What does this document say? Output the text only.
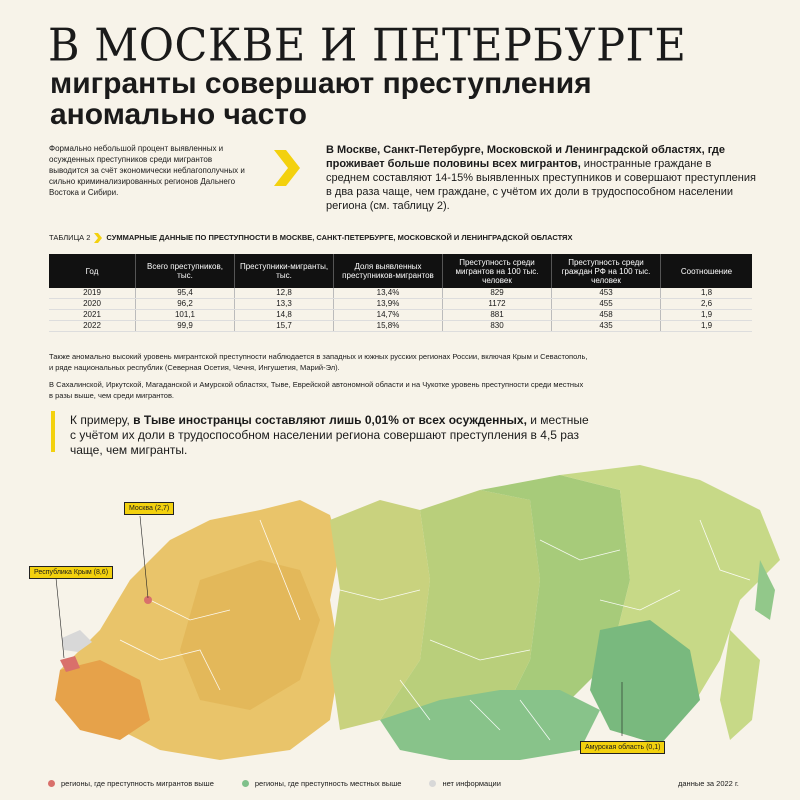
В МОСКВЕ И ПЕТЕРБУРГЕ
мигранты совершают преступления
аномально часто
Формально небольшой процент выявленных и осужденных преступников среди мигрантов выводится за счёт экономически неблагополучных и сильно криминализированных регионов Дальнего Востока и Сибири.
В Москве, Санкт-Петербурге, Московской и Ленинградской областях, где проживает больше половины всех мигрантов, иностранные граждане в среднем составляют 14-15% выявленных преступников и совершают преступления в два раза чаще, чем граждане, с учётом их доли в трудоспособном населении региона (см. таблицу 2).
ТАБЛИЦА 2 СУММАРНЫЕ ДАННЫЕ ПО ПРЕСТУПНОСТИ В МОСКВЕ, САНКТ-ПЕТЕРБУРГЕ, МОСКОВСКОЙ И ЛЕНИНГРАДСКОЙ ОБЛАСТЯХ
Год	Всего преступников, тыс.	Преступники-мигранты, тыс.	Доля выявленных преступников-мигрантов	Преступность среди мигрантов на 100 тыс. человек	Преступность среди граждан РФ на 100 тыс. человек	Соотношение
2019	95,4	12,8	13,4%	829	453	1,8
2020	96,2	13,3	13,9%	1172	455	2,6
2021	101,1	14,8	14,7%	881	458	1,9
2022	99,9	15,7	15,8%	830	435	1,9
Также аномально высокий уровень мигрантской преступности наблюдается в западных и южных русских регионах России, включая Крым и Севастополь, и ряде национальных республик (Северная Осетия, Чечня, Ингушетия, Марий-Эл).
В Сахалинской, Иркутской, Магаданской и Амурской областях, Тыве, Еврейской автономной области и на Чукотке уровень преступности среди местных в разы выше, чем среди мигрантов.
К примеру, в Тыве иностранцы составляют лишь 0,01% от всех осужденных, и местные с учётом их доли в трудоспособном населении региона совершают преступления в 4,5 раз чаще, чем мигранты.
Москва (2,7)
Республика Крым (8,6)
Амурская область (0,1)
регионы, где преступность мигрантов выше	регионы, где преступность местных выше	нет информации	данные за 2022 г.
